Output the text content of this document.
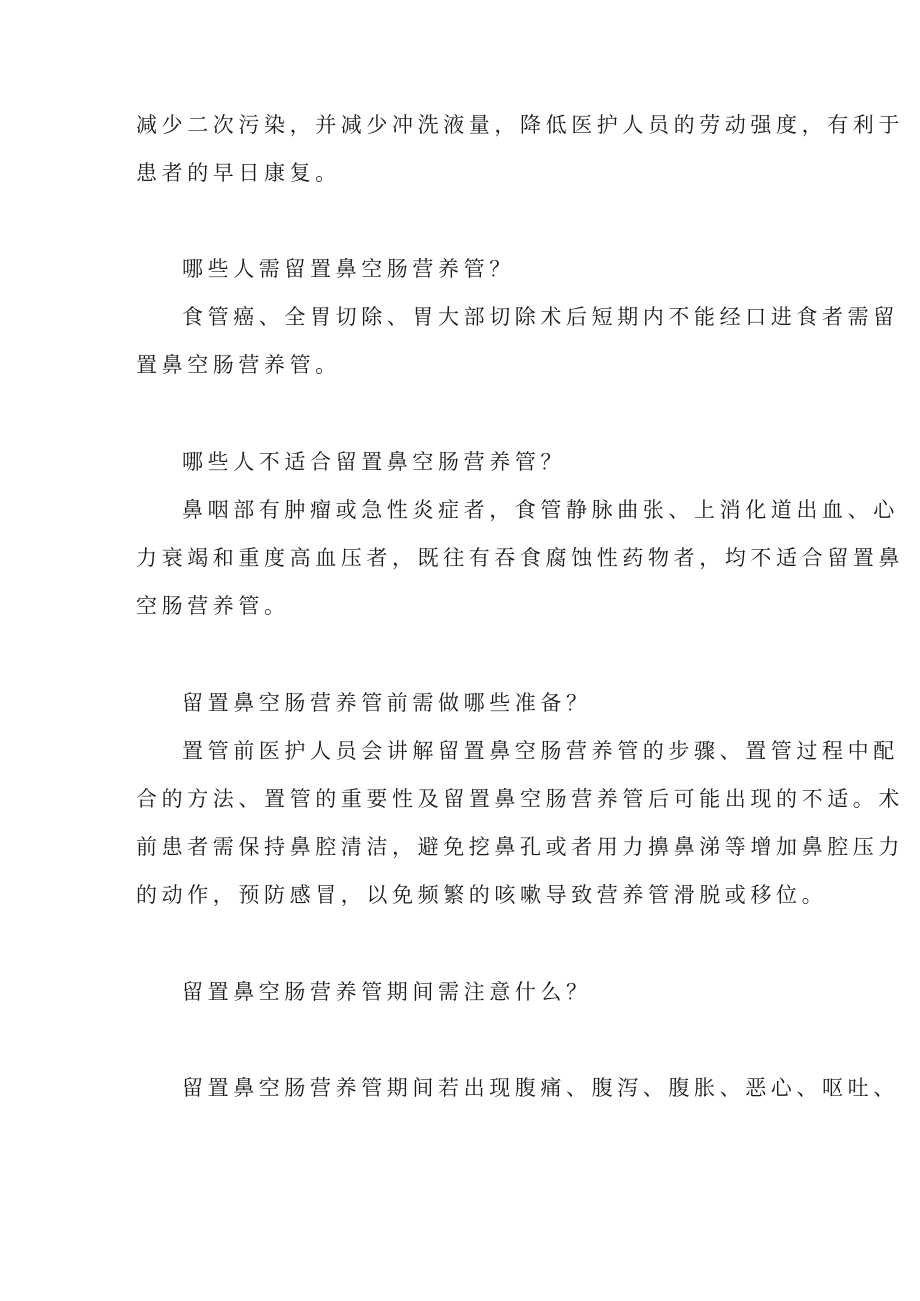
减少二次污染，并减少冲洗液量，降低医护人员的劳动强度，有利于
患者的早日康复。
哪些人需留置鼻空肠营养管？
食管癌、全胃切除、胃大部切除术后短期内不能经口进食者需留
置鼻空肠营养管。
哪些人不适合留置鼻空肠营养管？
鼻咽部有肿瘤或急性炎症者，食管静脉曲张、上消化道出血、心
力衰竭和重度高血压者，既往有吞食腐蚀性药物者，均不适合留置鼻
空肠营养管。
留置鼻空肠营养管前需做哪些准备？
置管前医护人员会讲解留置鼻空肠营养管的步骤、置管过程中配
合的方法、置管的重要性及留置鼻空肠营养管后可能出现的不适。术
前患者需保持鼻腔清洁，避免挖鼻孔或者用力擤鼻涕等增加鼻腔压力
的动作，预防感冒，以免频繁的咳嗽导致营养管滑脱或移位。
留置鼻空肠营养管期间需注意什么？
留置鼻空肠营养管期间若出现腹痛、腹泻、腹胀、恶心、呕吐、
